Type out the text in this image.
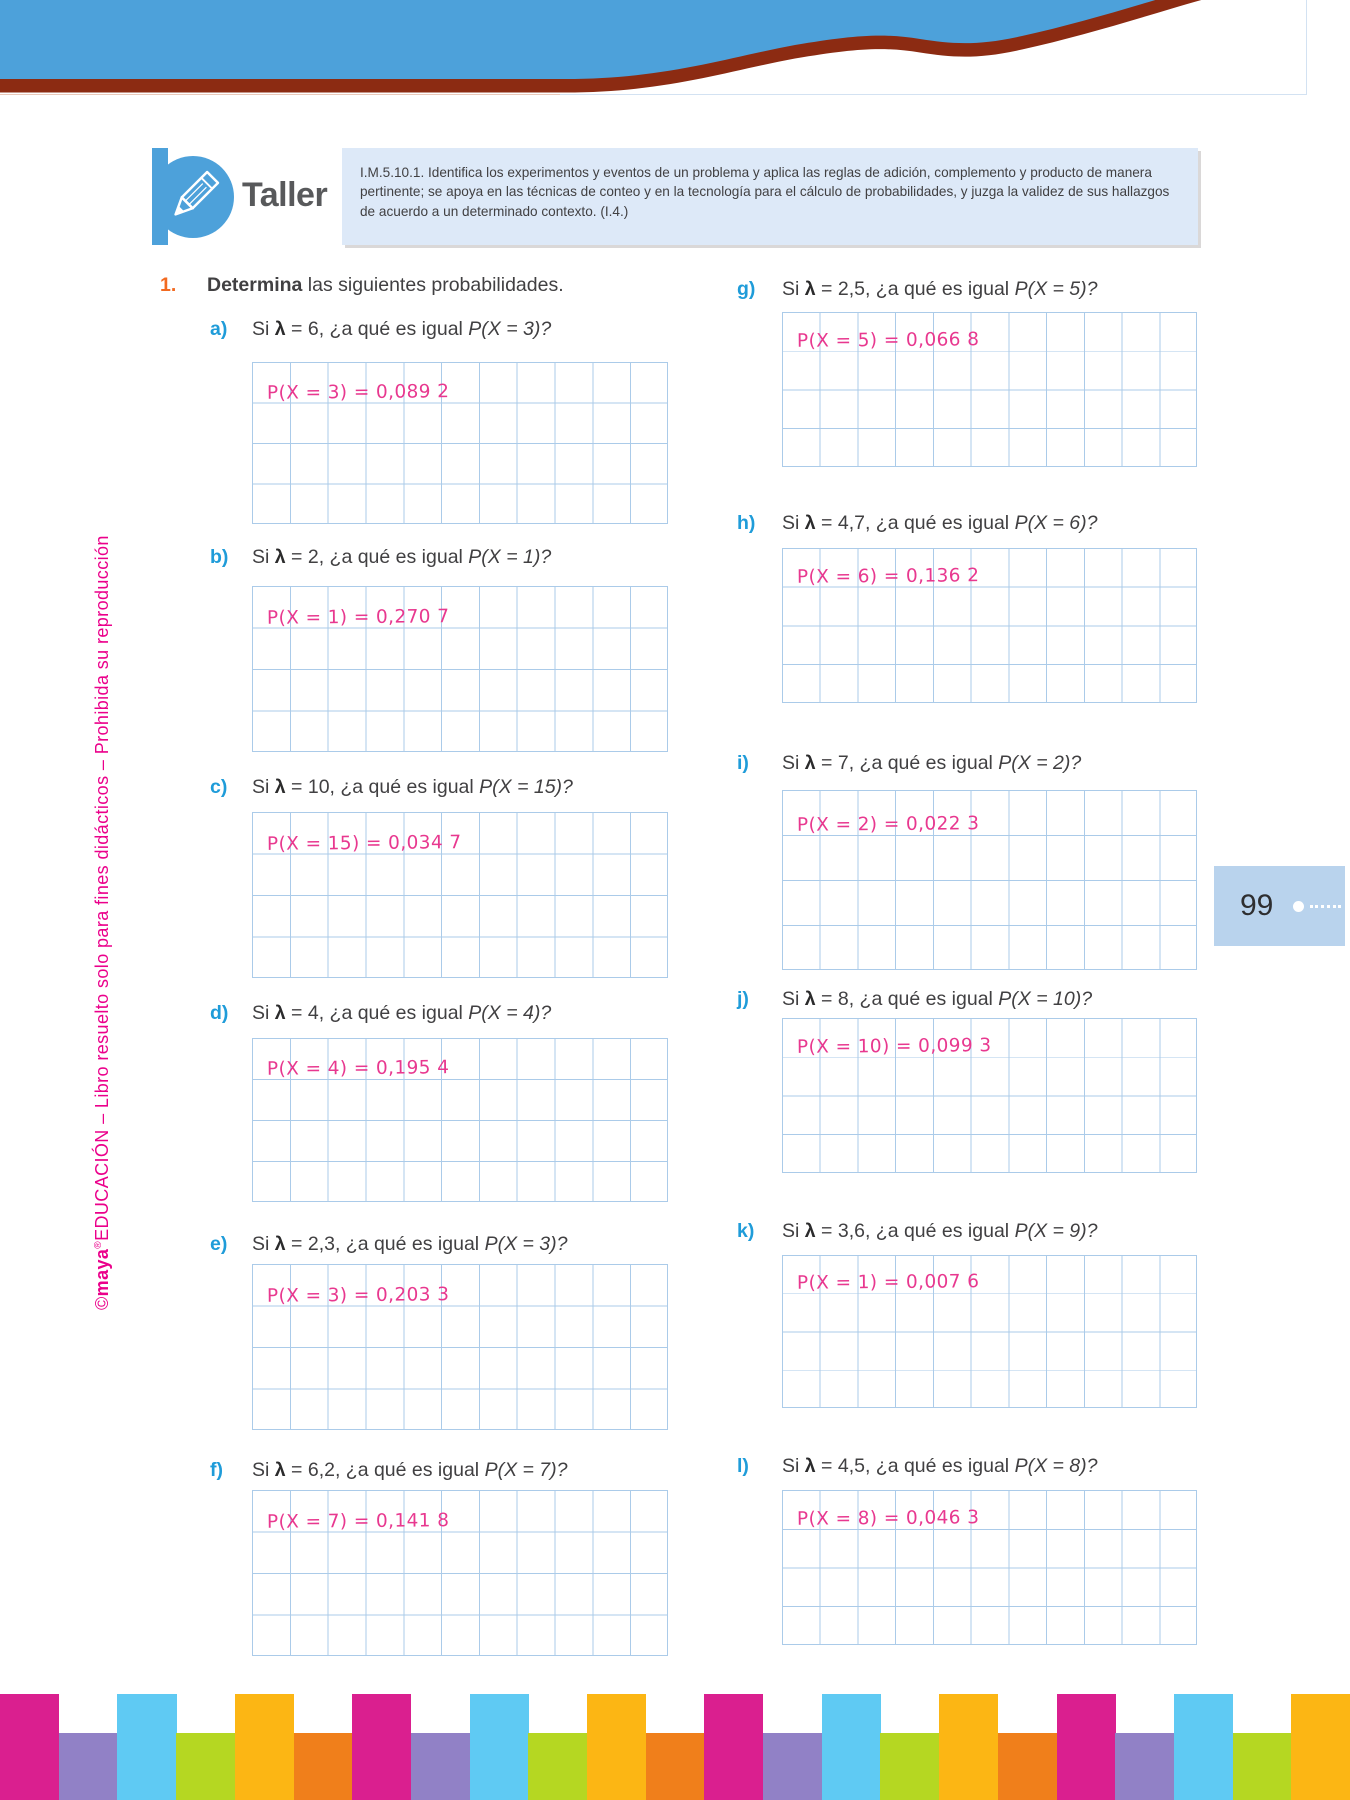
Taller

I.M.5.10.1. Identifica los experimentos y eventos de un problema y aplica las reglas de adición, complemento y producto de manera pertinente; se apoya en las técnicas de conteo y en la tecnología para el cálculo de probabilidades, y juzga la validez de sus hallazgos de acuerdo a un determinado contexto. (I.4.)

1. Determina las siguientes probabilidades.
a) Si λ = 6, ¿a qué es igual P(X = 3)?
P(X = 3) = 0,089 2
b) Si λ = 2, ¿a qué es igual P(X = 1)?
P(X = 1) = 0,270 7
c) Si λ = 10, ¿a qué es igual P(X = 15)?
P(X = 15) = 0,034 7
d) Si λ = 4, ¿a qué es igual P(X = 4)?
P(X = 4) = 0,195 4
e) Si λ = 2,3, ¿a qué es igual P(X = 3)?
P(X = 3) = 0,203 3
f) Si λ = 6,2, ¿a qué es igual P(X = 7)?
P(X = 7) = 0,141 8
g) Si λ = 2,5, ¿a qué es igual P(X = 5)?
P(X = 5) = 0,066 8
h) Si λ = 4,7, ¿a qué es igual P(X = 6)?
P(X = 6) = 0,136 2
i) Si λ = 7, ¿a qué es igual P(X = 2)?
P(X = 2) = 0,022 3
j) Si λ = 8, ¿a qué es igual P(X = 10)?
P(X = 10) = 0,099 3
k) Si λ = 3,6, ¿a qué es igual P(X = 9)?
P(X = 1) = 0,007 6
l) Si λ = 4,5, ¿a qué es igual P(X = 8)?
P(X = 8) = 0,046 3
99
©maya®EDUCACIÓN – Libro resuelto solo para fines didácticos – Prohibida su reproducción
